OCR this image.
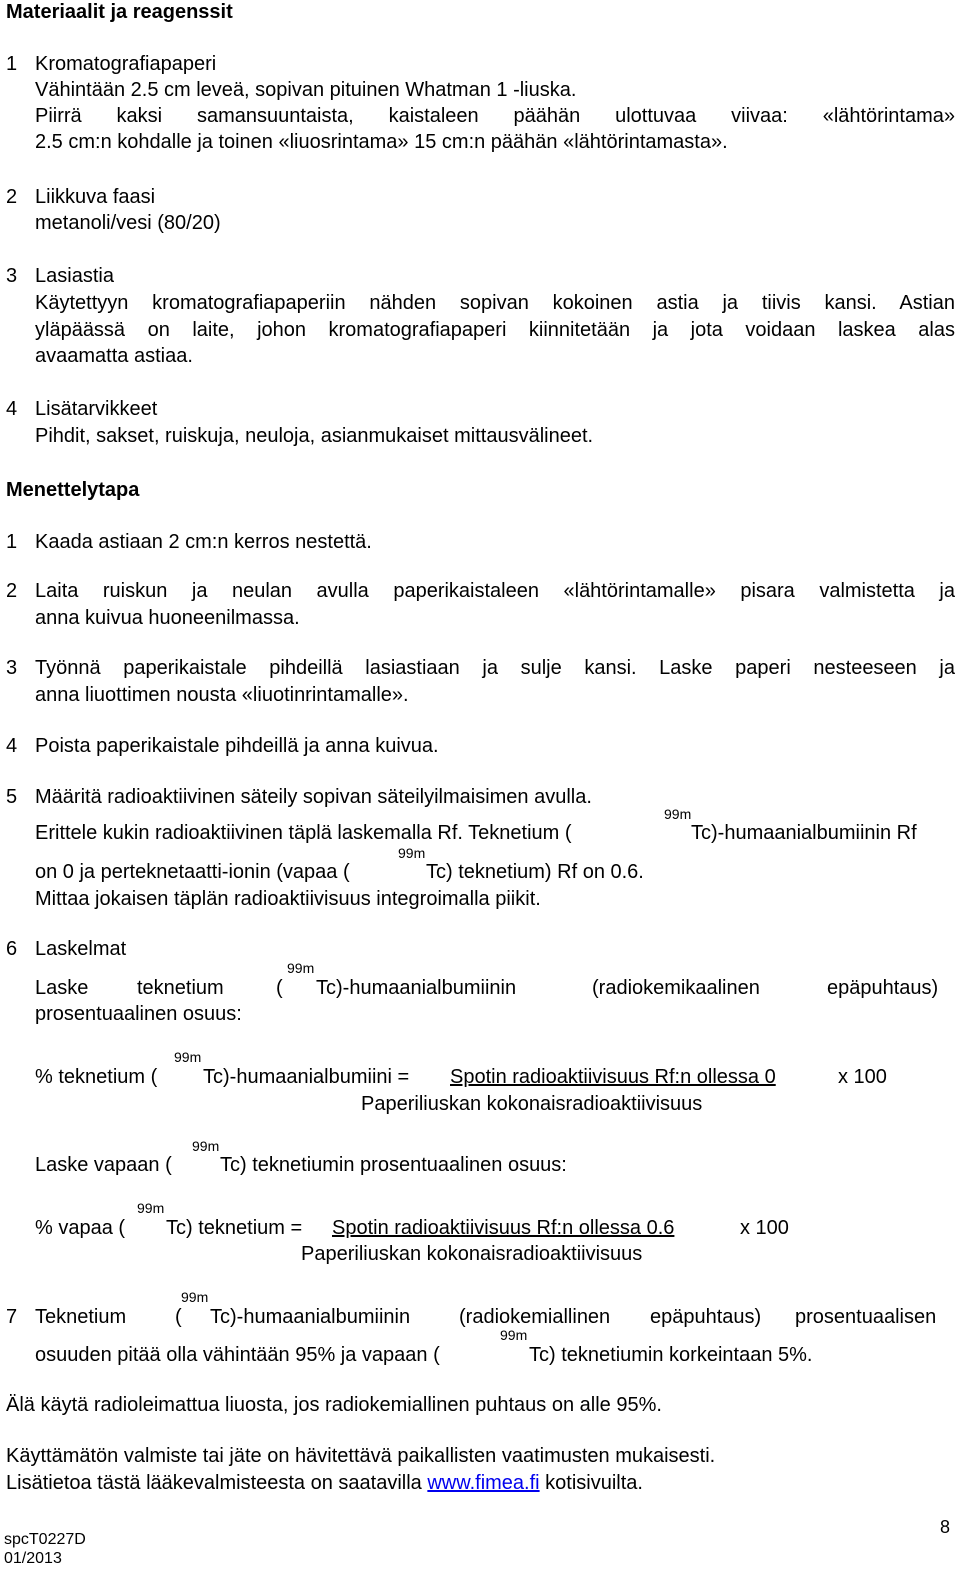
Materiaalit ja reagenssit
1 Kromatografiapaperi
Vähintään 2.5 cm leveä, sopivan pituinen Whatman 1 -liuska.
Piirrä kaksi samansuuntaista, kaistaleen päähän ulottuvaa viivaa: «lähtörintama»
2.5 cm:n kohdalle ja toinen «liuosrintama» 15 cm:n päähän «lähtörintamasta».
2 Liikkuva faasi
metanoli/vesi (80/20)
3 Lasiastia
Käytettyyn kromatografiapaperiin nähden sopivan kokoinen astia ja tiivis kansi. Astian
yläpäässä on laite, johon kromatografiapaperi kiinnitetään ja jota voidaan laskea alas
avaamatta astiaa.
4 Lisätarvikkeet
Pihdit, sakset, ruiskuja, neuloja, asianmukaiset mittausvälineet.
Menettelytapa
1 Kaada astiaan 2 cm:n kerros nestettä.
2 Laita ruiskun ja neulan avulla paperikaistaleen «lähtörintamalle» pisara valmistetta ja
anna kuivua huoneenilmassa.
3 Työnnä paperikaistale pihdeillä lasiastiaan ja sulje kansi. Laske paperi nesteeseen ja
anna liuottimen nousta «liuotinrintamalle».
4 Poista paperikaistale pihdeillä ja anna kuivua.
5 Määritä radioaktiivinen säteily sopivan säteilyilmaisimen avulla.
99m
Erittele kukin radioaktiivinen täplä laskemalla Rf. Teknetium (	Tc)-humaanialbumiinin Rf
99m
on 0 ja perteknetaatti-ionin (vapaa (	Tc) teknetium) Rf on 0.6.
Mittaa jokaisen täplän radioaktiivisuus integroimalla piikit.
6 Laskelmat
99m
Laske teknetium	( Tc)-humaanialbumiinin	(radiokemikaalinen	epäpuhtaus)
prosentuaalinen osuus:
99m
% teknetium ( Tc)-humaanialbumiini = Spotin radioaktiivisuus Rf:n ollessa 0	x 100
Paperiliuskan kokonaisradioaktiivisuus
99m
Laske vapaan ( Tc) teknetiumin prosentuaalinen osuus:
99m
% vapaa ( Tc) teknetium = Spotin radioaktiivisuus Rf:n ollessa 0.6	x 100
Paperiliuskan kokonaisradioaktiivisuus
99m
7 Teknetium ( Tc)-humaanialbumiinin (radiokemiallinen epäpuhtaus) prosentuaalisen
99m
osuuden pitää olla vähintään 95% ja vapaan (	Tc) teknetiumin korkeintaan 5%.
Älä käytä radioleimattua liuosta, jos radiokemiallinen puhtaus on alle 95%.
Käyttämätön valmiste tai jäte on hävitettävä paikallisten vaatimusten mukaisesti.
Lisätietoa tästä lääkevalmisteesta on saatavilla www.fimea.fi kotisivuilta.
8
spcT0227D
01/2013
